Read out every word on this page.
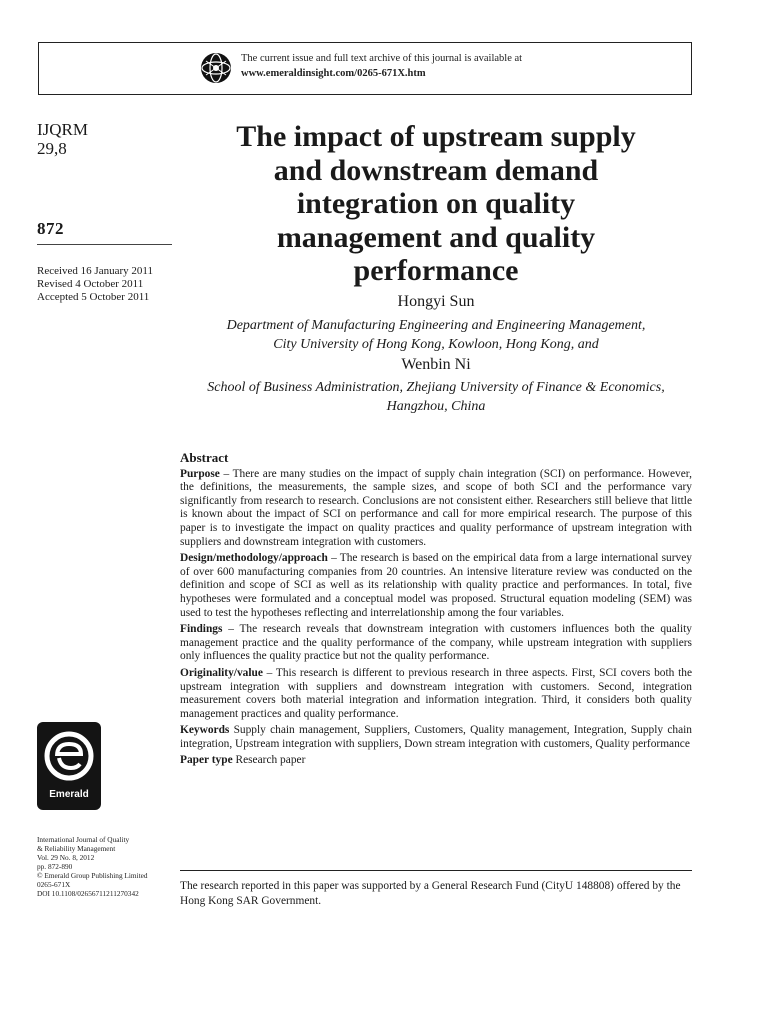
The current issue and full text archive of this journal is available at
www.emeraldinsight.com/0265-671X.htm
IJQRM
29,8
872
Received 16 January 2011
Revised 4 October 2011
Accepted 5 October 2011
The impact of upstream supply
and downstream demand
integration on quality
management and quality
performance
Hongyi Sun
Department of Manufacturing Engineering and Engineering Management,
City University of Hong Kong, Kowloon, Hong Kong, and
Wenbin Ni
School of Business Administration, Zhejiang University of Finance & Economics,
Hangzhou, China
Abstract
Purpose – There are many studies on the impact of supply chain integration (SCI) on performance. However, the definitions, the measurements, the sample sizes, and scope of both SCI and the performance vary significantly from research to research. Conclusions are not consistent either. Researchers still believe that little is known about the impact of SCI on performance and call for more empirical research. The purpose of this paper is to investigate the impact on quality practices and quality performance of upstream integration with suppliers and downstream integration with customers.
Design/methodology/approach – The research is based on the empirical data from a large international survey of over 600 manufacturing companies from 20 countries. An intensive literature review was conducted on the definition and scope of SCI as well as its relationship with quality practice and performances. In total, five hypotheses were formulated and a conceptual model was proposed. Structural equation modeling (SEM) was used to test the hypotheses reflecting and interrelationship among the four variables.
Findings – The research reveals that downstream integration with customers influences both the quality management practice and the quality performance of the company, while upstream integration with suppliers only influences the quality practice but not the quality performance.
Originality/value – This research is different to previous research in three aspects. First, SCI covers both the upstream integration with suppliers and downstream integration with customers. Second, integration measurement covers both material integration and information integration. Third, it considers both quality management practices and quality performance.
Keywords Supply chain management, Suppliers, Customers, Quality management, Integration, Supply chain integration, Upstream integration with suppliers, Down stream integration with customers, Quality performance
Paper type Research paper
Emerald
International Journal of Quality
& Reliability Management
Vol. 29 No. 8, 2012
pp. 872-890
© Emerald Group Publishing Limited
0265-671X
DOI 10.1108/02656711211270342
The research reported in this paper was supported by a General Research Fund (CityU 148808) offered by the Hong Kong SAR Government.
